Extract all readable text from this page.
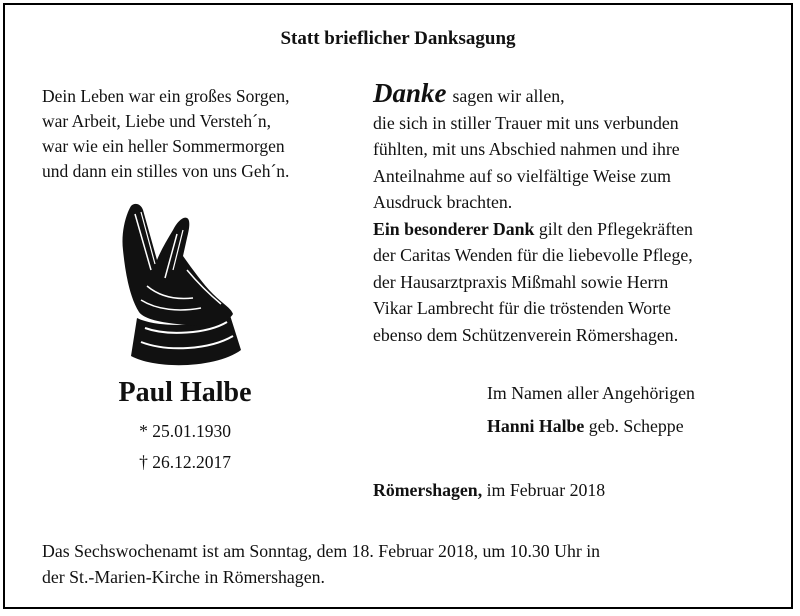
Statt brieflicher Danksagung
Dein Leben war ein großes Sorgen,
war Arbeit, Liebe und Versteh´n,
war wie ein heller Sommermorgen
und dann ein stilles von uns Geh´n.
Paul Halbe
* 25.01.1930
† 26.12.2017
Danke sagen wir allen,
die sich in stiller Trauer mit uns verbunden
fühlten, mit uns Abschied nahmen und ihre
Anteilnahme auf so vielfältige Weise zum
Ausdruck brachten.
Ein besonderer Dank gilt den Pflegekräften
der Caritas Wenden für die liebevolle Pflege,
der Hausarztpraxis Mißmahl sowie Herrn
Vikar Lambrecht für die tröstenden Worte
ebenso dem Schützenverein Römershagen.
Im Namen aller Angehörigen
Hanni Halbe geb. Scheppe
Römershagen, im Februar 2018
Das Sechswochenamt ist am Sonntag, dem 18. Februar 2018, um 10.30 Uhr in
der St.-Marien-Kirche in Römershagen.
